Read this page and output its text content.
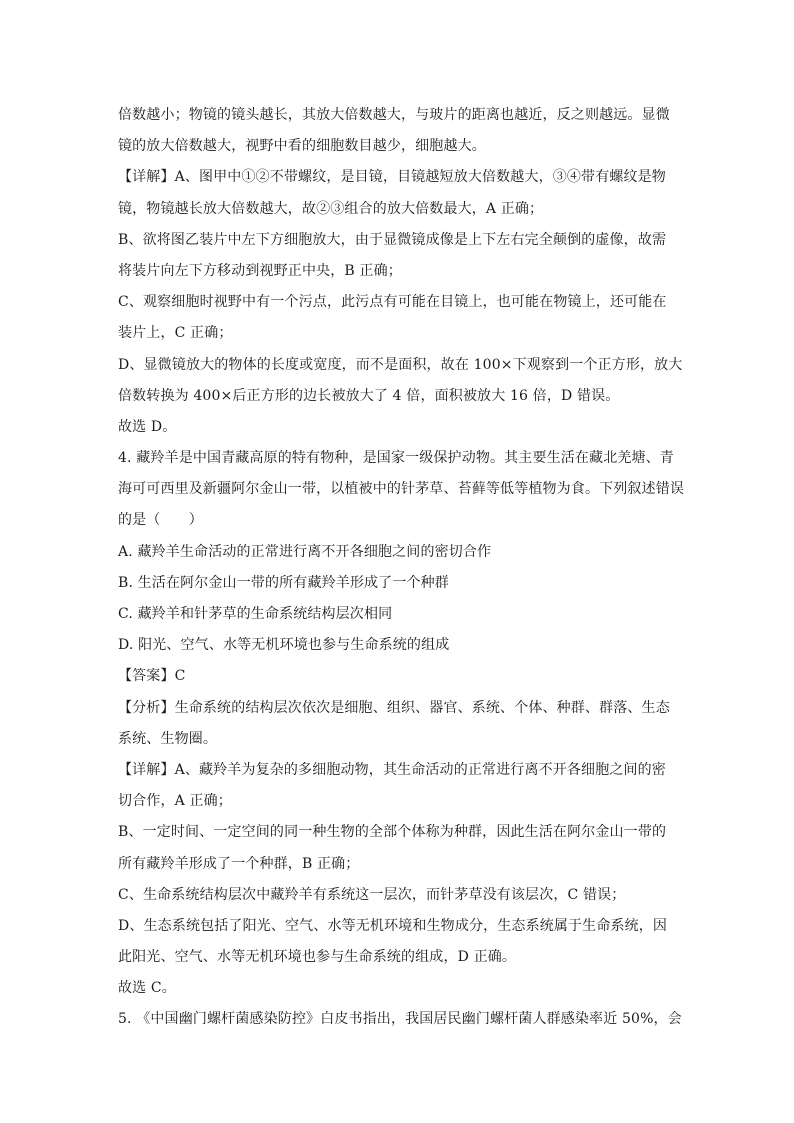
倍数越小；物镜的镜头越长，其放大倍数越大，与玻片的距离也越近，反之则越远。显微
镜的放大倍数越大，视野中看的细胞数目越少，细胞越大。
【详解】A、图甲中①②不带螺纹，是目镜，目镜越短放大倍数越大，③④带有螺纹是物
镜，物镜越长放大倍数越大，故②③组合的放大倍数最大，A 正确；
B、欲将图乙装片中左下方细胞放大，由于显微镜成像是上下左右完全颠倒的虚像，故需
将装片向左下方移动到视野正中央，B 正确；
C、观察细胞时视野中有一个污点，此污点有可能在目镜上，也可能在物镜上，还可能在
装片上，C 正确；
D、显微镜放大的物体的长度或宽度，而不是面积，故在 100×下观察到一个正方形，放大
倍数转换为 400×后正方形的边长被放大了 4 倍，面积被放大 16 倍，D 错误。
故选 D。
4. 藏羚羊是中国青藏高原的特有物种，是国家一级保护动物。其主要生活在藏北羌塘、青
海可可西里及新疆阿尔金山一带，以植被中的针茅草、苔藓等低等植物为食。下列叙述错误
的是（　　）
A. 藏羚羊生命活动的正常进行离不开各细胞之间的密切合作
B. 生活在阿尔金山一带的所有藏羚羊形成了一个种群
C. 藏羚羊和针茅草的生命系统结构层次相同
D. 阳光、空气、水等无机环境也参与生命系统的组成
【答案】C
【分析】生命系统的结构层次依次是细胞、组织、器官、系统、个体、种群、群落、生态
系统、生物圈。
【详解】A、藏羚羊为复杂的多细胞动物，其生命活动的正常进行离不开各细胞之间的密
切合作，A 正确；
B、一定时间、一定空间的同一种生物的全部个体称为种群，因此生活在阿尔金山一带的
所有藏羚羊形成了一个种群，B 正确；
C、生命系统结构层次中藏羚羊有系统这一层次，而针茅草没有该层次，C 错误；
D、生态系统包括了阳光、空气、水等无机环境和生物成分，生态系统属于生命系统，因
此阳光、空气、水等无机环境也参与生命系统的组成，D 正确。
故选 C。
5. 《中国幽门螺杆菌感染防控》白皮书指出，我国居民幽门螺杆菌人群感染率近 50%，会
